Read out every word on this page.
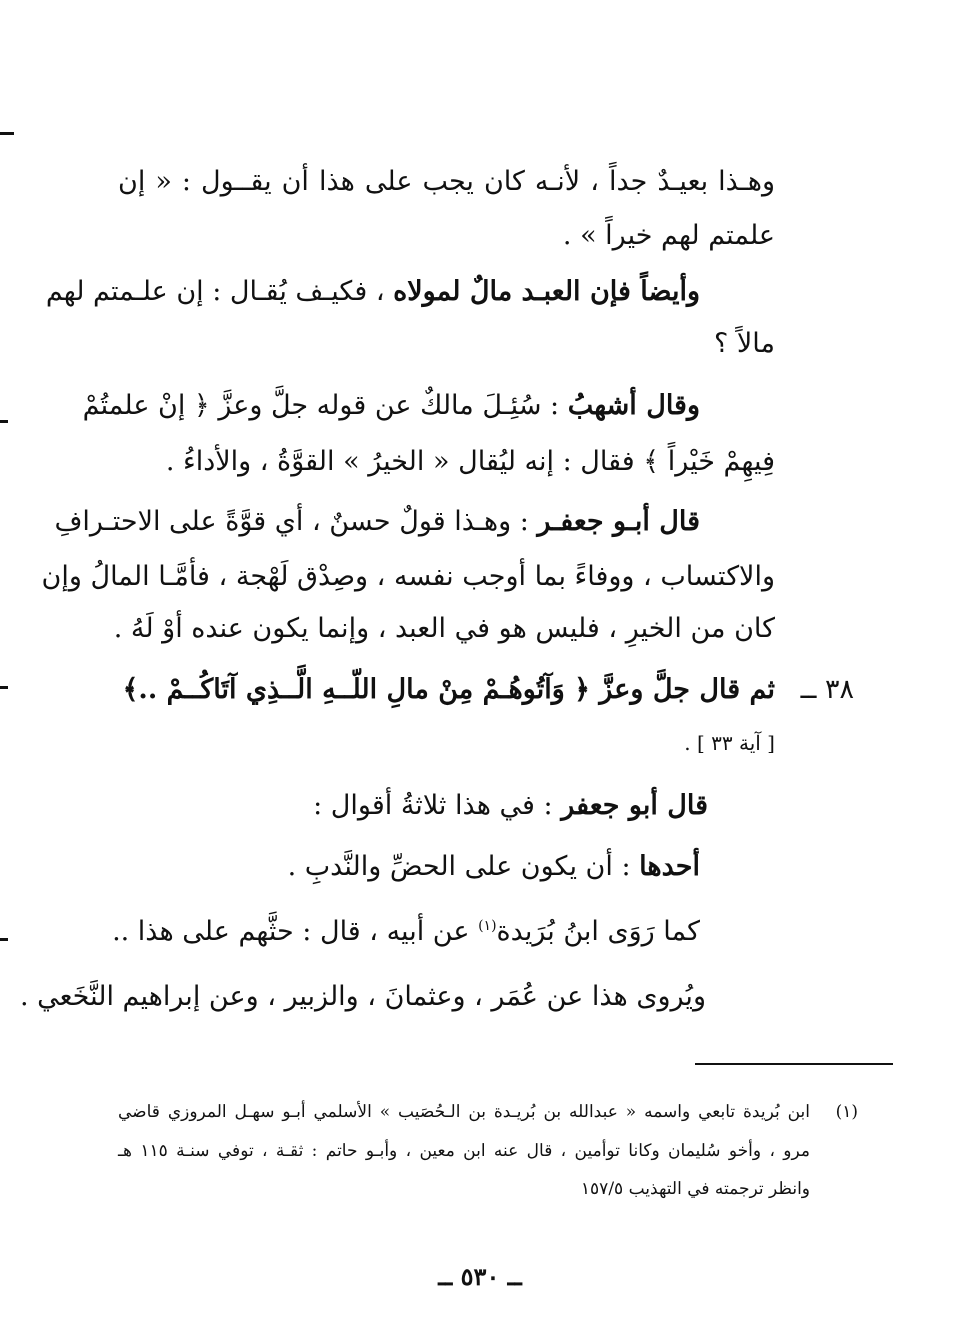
وهـذا بعيـدٌ جداً ، لأنـه كان يجب على هذا أن يقــول : « إن
علمتم لهم خيراً » .
وأيضاً فإن العبـد مالٌ لمولاه ، فكيـف يُقـال : إن علـمتم لهم
مالاً ؟
وقال أشهبُ : سُئِـلَ مالكٌ عن قوله جلَّ وعزَّ ﴿ إنْ علمتُمْ
فِيهِمْ خَيْراً ﴾ فقال : إنه ليُقال « الخيرُ » القوَّةُ ، والأداءُ .
قال أبـو جعفـر : وهـذا قولٌ حسنٌ ، أي قوَّةً على الاحتـرافِ
والاكتساب ، ووفاءً بما أوجب نفسه ، وصِدْق لَهْجة ، فأمَّـا المالُ وإن
كان من الخيرِ ، فليس هو في العبد ، وإنما يكون عنده أوْ لَهُ .
٣٨ ــ
ثم قال جلَّ وعزَّ ﴿ وَآتُوهُـمْ مِنْ مالِ اللّــهِ الَّــذِي آتَاكُــمْ ..﴾
[ آية ٣٣ ] .
قال أبو جعفر : في هذا ثلاثةُ أقوال :
أحدها : أن يكون على الحضِّ والنَّدبِ .
كما رَوَى ابنُ بُرَيدة$^{(١)}$ عن أبيه ، قال : حثَّهم على هذا ..
ويُروى هذا عن عُمَر ، وعثمانَ ، والزبير ، وعن إبراهيم النَّخَعي .
(١)
ابن بُريدة تابعي واسمه « عبدالله بن بُريـدة بن الـحُصَيب » الأسلمي أبـو سهـل المروزي قاضي
مرو ، وأخو سُليمان وكانا توأمين ، قال عنه ابن معين ، وأبـو حاتم : ثقـة ، توفي سنـة ١١٥ هـ
وانظر ترجمته في التهذيب ١٥٧/٥
ــ ٥٣٠ ــ
